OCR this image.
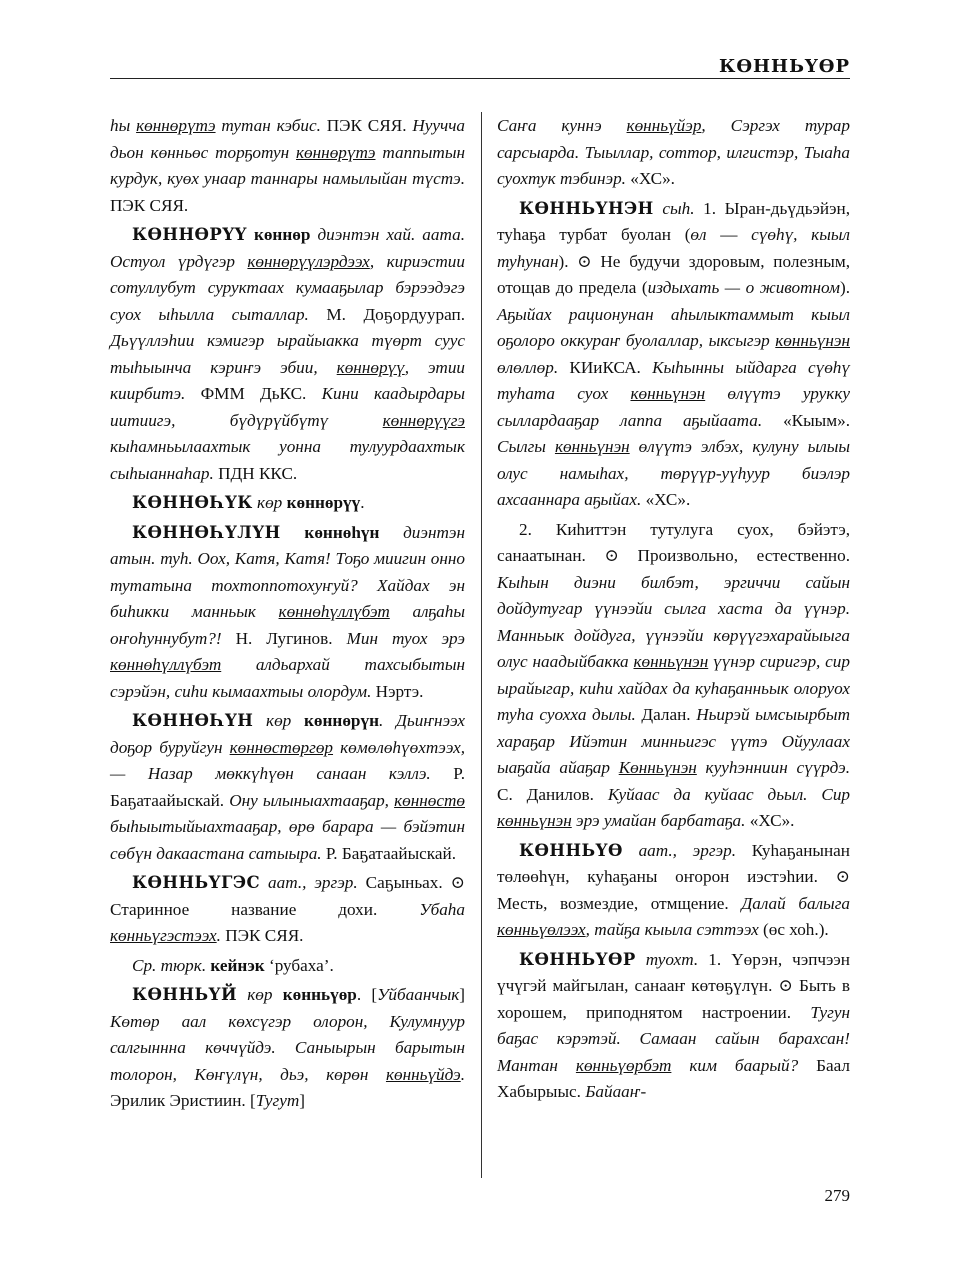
КӨННЬҮӨР

һы көннөрүтэ тутан кэбис. ПЭК СЯЯ. Нуучча дьон көнньөс торҕотун көннөрүтэ таппытын курдук, куөх унаар таннары намылыйан түстэ. ПЭК СЯЯ.

КӨННӨРҮҮ көннөр диэнтэн хай. аата. Остуол үрдүгэр көннөрүүлэрдээх, кириэстии сотуллубут суруктаах кумааҕылар бэрээдэгэ суох ыһылла сыталлар. М. Доҕордуурап. Дьүүллэһии кэмигэр ырайыакка түөрт сууc тыһыынча кэриҥэ эбии, көннөрүү, этии киирбитэ. ФММ ДьКС. Кини каадырдары иитиигэ, бүдүрүйбүтү көннөрүүгэ кыһамньылаахтык уонна тулуурдаахтык сыһыаннаһар. ПДН ККС.

КӨННӨҺҮК көр көннөрүү.

КӨННӨҺҮЛҮН көннөһүн диэнтэн атын. туһ. Оох, Катя, Катя! Тоҕо миигин онно тутатына тохтоппотохуҥуй? Хайдах эн биһикки манньык көннөһүллүбэт алҕаһы оҥоһуннубут?! Н. Лугинов. Мин туох эрэ көннөһүллүбэт алдьархай тахсыбытын сэрэйэн, сиһи кымаахтыы олордум. Нэртэ.

КӨННӨҺҮН көр көннөрүн. Дьиҥнээх доҕор буруйгун көннөстөргөр көмөлөһүөхтээх, — Назар мөккүһүөн санаан кэллэ. Р. Баҕатаайыскай. Ону ылыныахтааҕар, көннөстө быһыытыйыахтааҕар, өрө барара — бэйэтин сөбүн дакаастана сатыыра. Р. Баҕатаайыскай.

КӨННЬҮГЭС аат., эргэр. Саҕыньах. ⊙ Старинное название дохи. Убаһа көнньүгэстээх. ПЭК СЯЯ.

Ср. тюрк. кейнэк ‘рубаха’.

КӨННЬҮЙ көр көнньүөр. [Уйбаанчык] Көтөр аал көхсүгэр олорон, Кулумнуур салгыннна көччүйдэ. Саныырын барытын толорон, Көҥүлүн, дьэ, көрөн көнньүйдэ. Эрилик Эристиин. [Тугут]

Саҥа куннэ көнньүйэр, Сэргэх турар сарсыарда. Тыыллар, соттор, илгистэр, Тыаһа суохтук тэбинэр. «ХС».

КӨННЬҮНЭН сыһ. 1. Ыран-дьүдьэйэн, туһаҕа турбат буолан (өл — сүөһү, кыыл туһунан). ⊙ Не будучи здоровым, полезным, отощав до предела (издыхать — о животном). Аҕыйах рационунан аһылыктаммыт кыыл оҕолоро оккураҥ буолаллар, ыксыгэр көнньүнэн өлөллөр. КИиКСА. Кыһынны ыйдарга сүөһү туһата суох көнньүнэн өлүүтэ урукку сыллардааҕар лаппа аҕыйаата. «Кыым». Сылгы көнньүнэн өлүүтэ элбэх, кулуну ылыы олус намыһах, төрүүр-уүһуур биэлэр ахсааннара аҕыйах. «ХС».

2. Киһиттэн тутулуга суох, бэйэтэ, санаатынан. ⊙ Произвольно, естественно. Кыһын диэни билбэт, эргиччи сайын дойдутугар үүнээйи сылга хаста да үүнэр. Манньык дойдуга, үүнээйи көрүүгэхарайыыга олус наадыйбакка көнньүнэн үүнэр сиригэр, сир ырайыгар, киһи хайдах да куһаҕанньык олоруох туһа суохха дылы. Далан. Ньирэй ымсыырбыт хараҕар Ийэтин минньигэс үүтэ Ойуулаах ыаҕайа айаҕар Көнньүнэн кууһэнниин сүүрдэ. С. Данилов. Куйаас да куйаас дьыл. Сир көнньүнэн эрэ умайан барбатаҕа. «ХС».

КӨННЬҮӨ аат., эргэр. Куһаҕанынан төлөөһүн, куһаҕаны оҥорон иэстэһии. ⊙ Месть, возмездие, отмщение. Далай балыга көнньүөлээх, тайҕа кыыла сэттээх (өс хоһ.).

КӨННЬҮӨР туохт. 1. Үөрэн, чэпчээн үчүгэй майгылан, санааҥ көтөҕүлүн. ⊙ Быть в хорошем, приподнятом настроении. Тугун баҕас кэрэтэй. Самаан сайын барахсан! Мантан көнньүөрбэт ким баарый? Баал Хабырыыс. Байааҥ-

279
